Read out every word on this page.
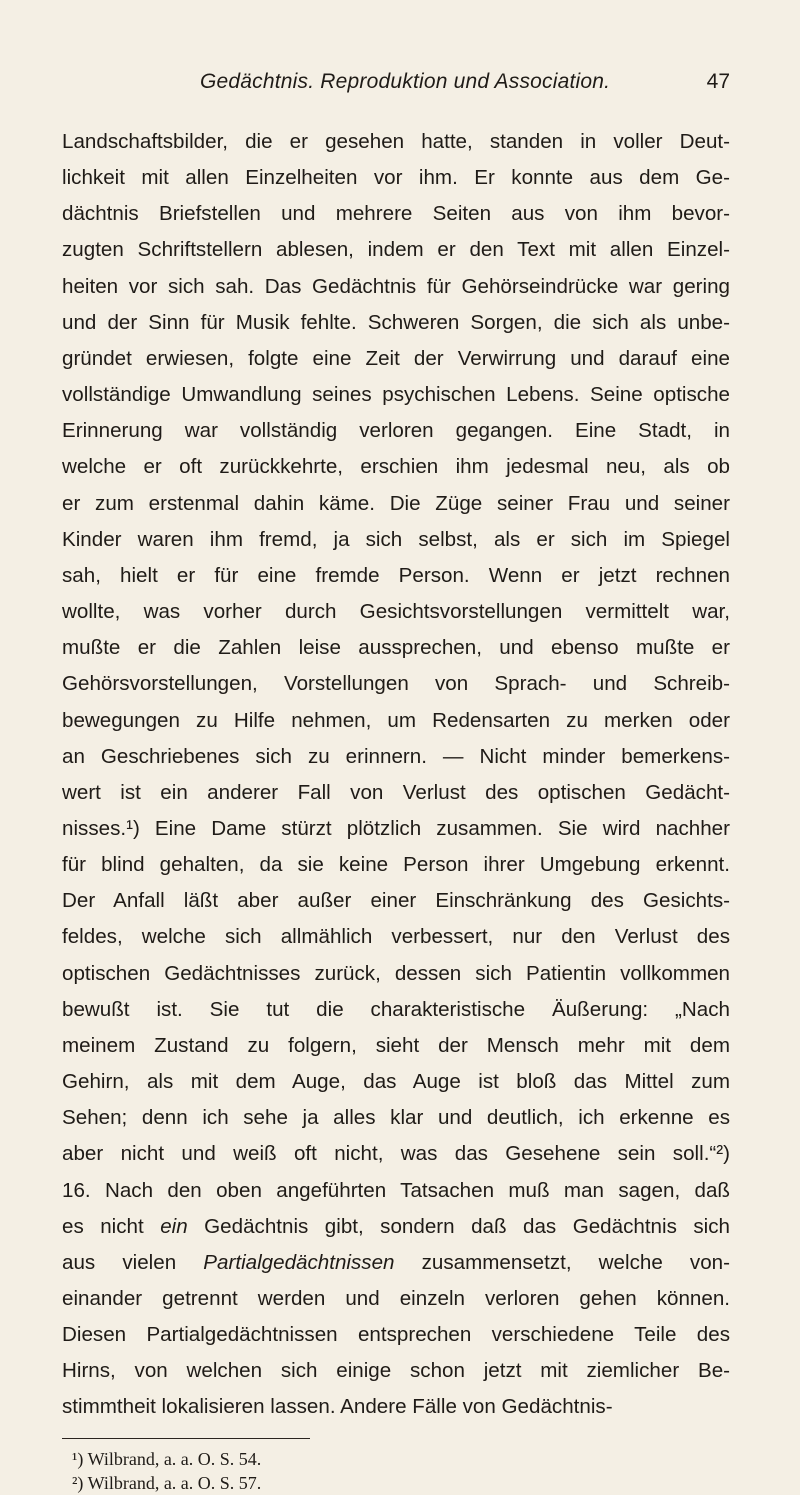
Gedächtnis. Reproduktion und Association.	47
Landschaftsbilder, die er gesehen hatte, standen in voller Deut-
lichkeit mit allen Einzelheiten vor ihm. Er konnte aus dem Ge-
dächtnis Briefstellen und mehrere Seiten aus von ihm bevor-
zugten Schriftstellern ablesen, indem er den Text mit allen Einzel-
heiten vor sich sah. Das Gedächtnis für Gehörseindrücke war gering
und der Sinn für Musik fehlte. Schweren Sorgen, die sich als unbe-
gründet erwiesen, folgte eine Zeit der Verwirrung und darauf eine
vollständige Umwandlung seines psychischen Lebens. Seine optische
Erinnerung war vollständig verloren gegangen. Eine Stadt, in
welche er oft zurückkehrte, erschien ihm jedesmal neu, als ob
er zum erstenmal dahin käme. Die Züge seiner Frau und seiner
Kinder waren ihm fremd, ja sich selbst, als er sich im Spiegel
sah, hielt er für eine fremde Person. Wenn er jetzt rechnen
wollte, was vorher durch Gesichtsvorstellungen vermittelt war,
mußte er die Zahlen leise aussprechen, und ebenso mußte er
Gehörsvorstellungen, Vorstellungen von Sprach- und Schreib-
bewegungen zu Hilfe nehmen, um Redensarten zu merken oder
an Geschriebenes sich zu erinnern. — Nicht minder bemerkens-
wert ist ein anderer Fall von Verlust des optischen Gedächt-
nisses.¹) Eine Dame stürzt plötzlich zusammen. Sie wird nachher
für blind gehalten, da sie keine Person ihrer Umgebung erkennt.
Der Anfall läßt aber außer einer Einschränkung des Gesichts-
feldes, welche sich allmählich verbessert, nur den Verlust des
optischen Gedächtnisses zurück, dessen sich Patientin vollkommen
bewußt ist. Sie tut die charakteristische Äußerung: „Nach
meinem Zustand zu folgern, sieht der Mensch mehr mit dem
Gehirn, als mit dem Auge, das Auge ist bloß das Mittel zum
Sehen; denn ich sehe ja alles klar und deutlich, ich erkenne es
aber nicht und weiß oft nicht, was das Gesehene sein soll.“²)
16. Nach den oben angeführten Tatsachen muß man sagen, daß
es nicht ein Gedächtnis gibt, sondern daß das Gedächtnis sich
aus vielen Partialgedächtnissen zusammensetzt, welche von-
einander getrennt werden und einzeln verloren gehen können.
Diesen Partialgedächtnissen entsprechen verschiedene Teile des
Hirns, von welchen sich einige schon jetzt mit ziemlicher Be-
stimmtheit lokalisieren lassen. Andere Fälle von Gedächtnis-
¹) Wilbrand, a. a. O. S. 54.
²) Wilbrand, a. a. O. S. 57.
